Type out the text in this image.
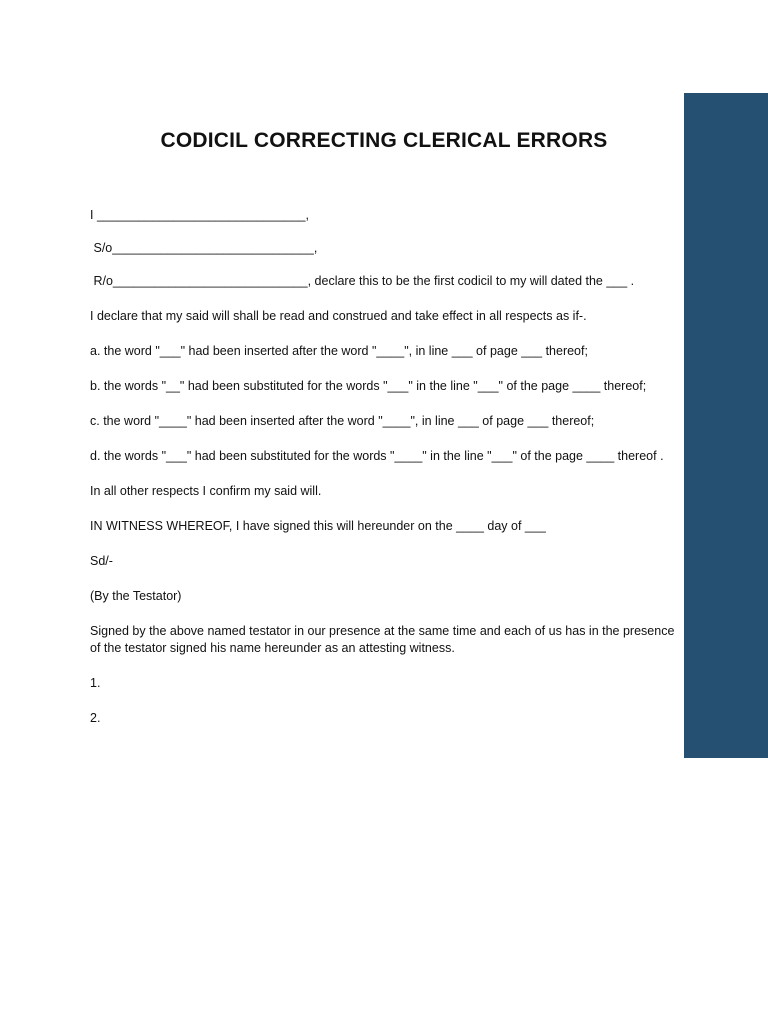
CODICIL CORRECTING CLERICAL ERRORS

I ______________________________,

S/o_____________________________,

R/o____________________________, declare this to be the first codicil to my will dated the ___ .

I declare that my said will shall be read and construed and take effect in all respects as if-.

a. the word "___" had been inserted after the word "____", in line ___ of page ___ thereof;

b. the words "__" had been substituted for the words "___" in the line "___" of the page ____ thereof;

c. the word "____" had been inserted after the word "____", in line ___ of page ___ thereof;

d. the words "___" had been substituted for the words "____" in the line "___" of the page ____ thereof .

In all other respects I confirm my said will.

IN WITNESS WHEREOF, I have signed this will hereunder on the ____ day of ___

Sd/-

(By the Testator)

Signed by the above named testator in our presence at the same time and each of us has in the presence of the testator signed his name hereunder as an attesting witness.

1.

2.
